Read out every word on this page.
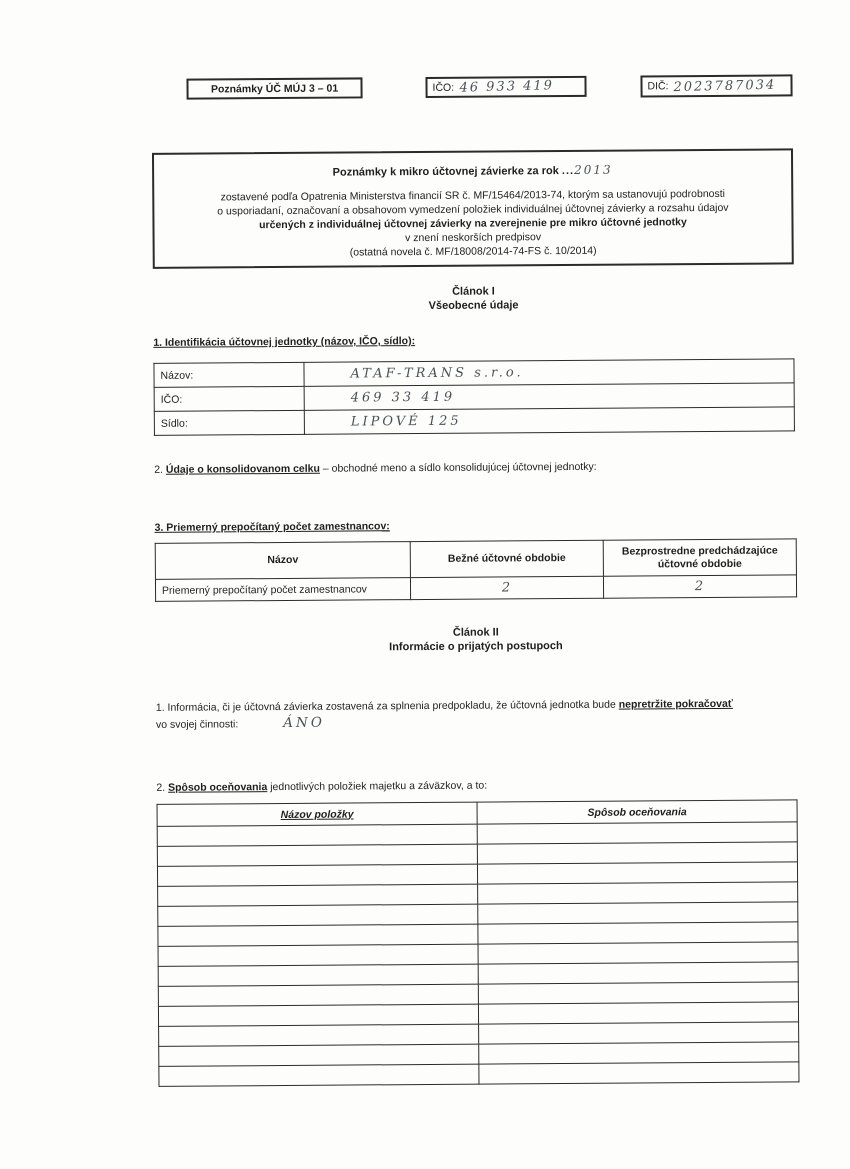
Poznámky ÚČ MÚJ 3 – 01	IČO: 46 933 419	DIČ: 2023787034
Poznámky k mikro účtovnej závierke za rok ...2013

zostavené podľa Opatrenia Ministerstva financií SR č. MF/15464/2013-74, ktorým sa ustanovujú podrobnosti

o usporiadaní, označovaní a obsahovom vymedzení položiek individuálnej účtovnej závierky a rozsahu údajov

určených z individuálnej účtovnej závierky na zverejnenie pre mikro účtovné jednotky

v znení neskorších predpisov

(ostatná novela č. MF/18008/2014-74-FS č. 10/2014)

Článok I
Všeobecné údaje
1. Identifikácia účtovnej jednotky (názov, IČO, sídlo):
Názov:	ATAF-TRANS s.r.o.
IČO:	469 33 419
Sídlo:	LIPOVÉ 125
2. Údaje o konsolidovanom celku – obchodné meno a sídlo konsolidujúcej účtovnej jednotky:
3. Priemerný prepočítaný počet zamestnancov:
Názov	Bežné účtovné obdobie	Bezprostredne predchádzajúce účtovné obdobie
Priemerný prepočítaný počet zamestnancov	2	2
Článok II
Informácie o prijatých postupoch
1. Informácia, či je účtovná závierka zostavená za splnenia predpokladu, že účtovná jednotka bude nepretržite pokračovať
vo svojej činnosti:	ÁNO
2. Spôsob oceňovania jednotlivých položiek majetku a záväzkov, a to:
Názov položky	Spôsob oceňovania
